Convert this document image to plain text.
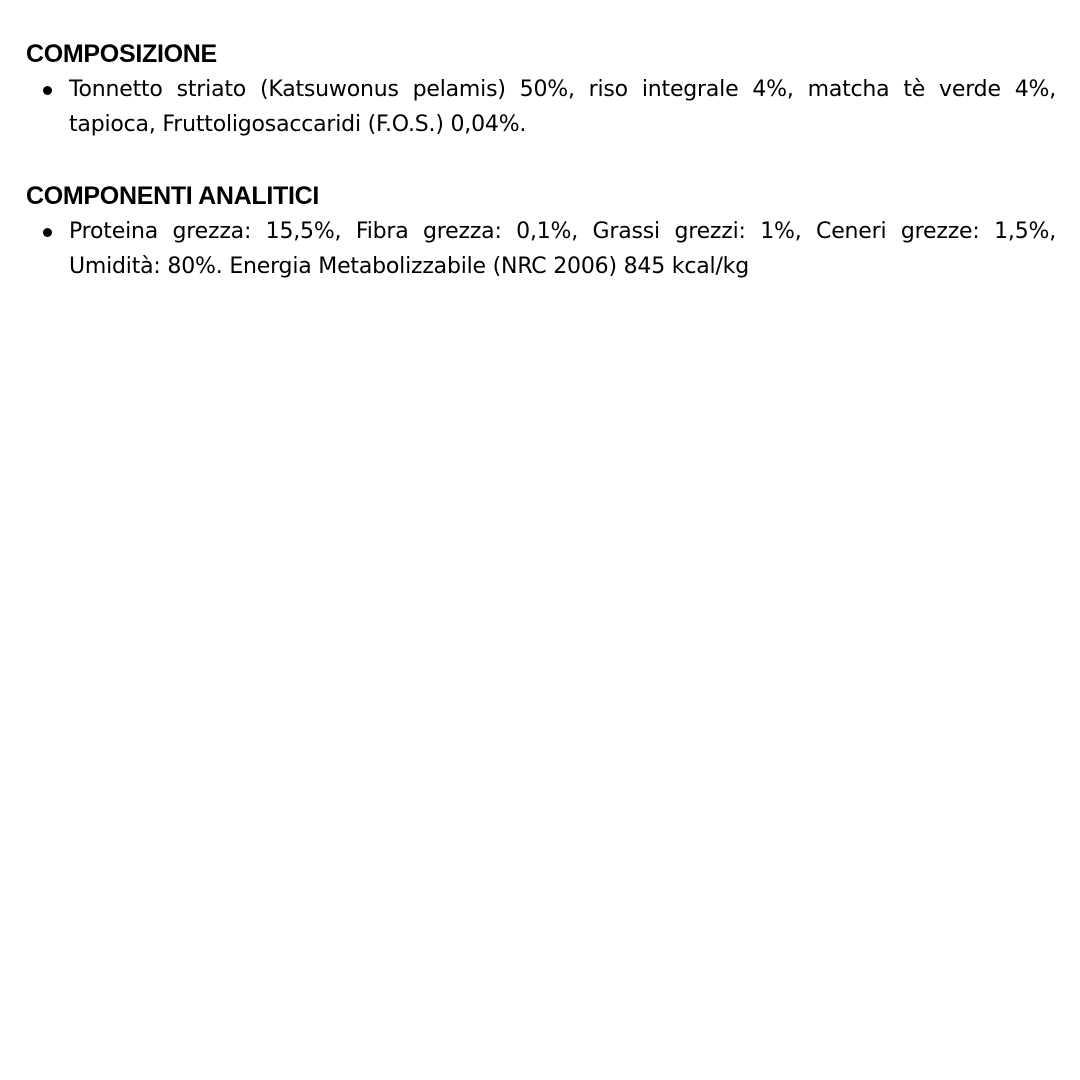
COMPOSIZIONE
Tonnetto striato (Katsuwonus pelamis) 50%, riso integrale 4%, matcha tè verde 4%, tapioca, Fruttoligosaccaridi (F.O.S.) 0,04%.
COMPONENTI ANALITICI
Proteina grezza: 15,5%, Fibra grezza: 0,1%, Grassi grezzi: 1%, Ceneri grezze: 1,5%, Umidità: 80%. Energia Metabolizzabile (NRC 2006) 845 kcal/kg
